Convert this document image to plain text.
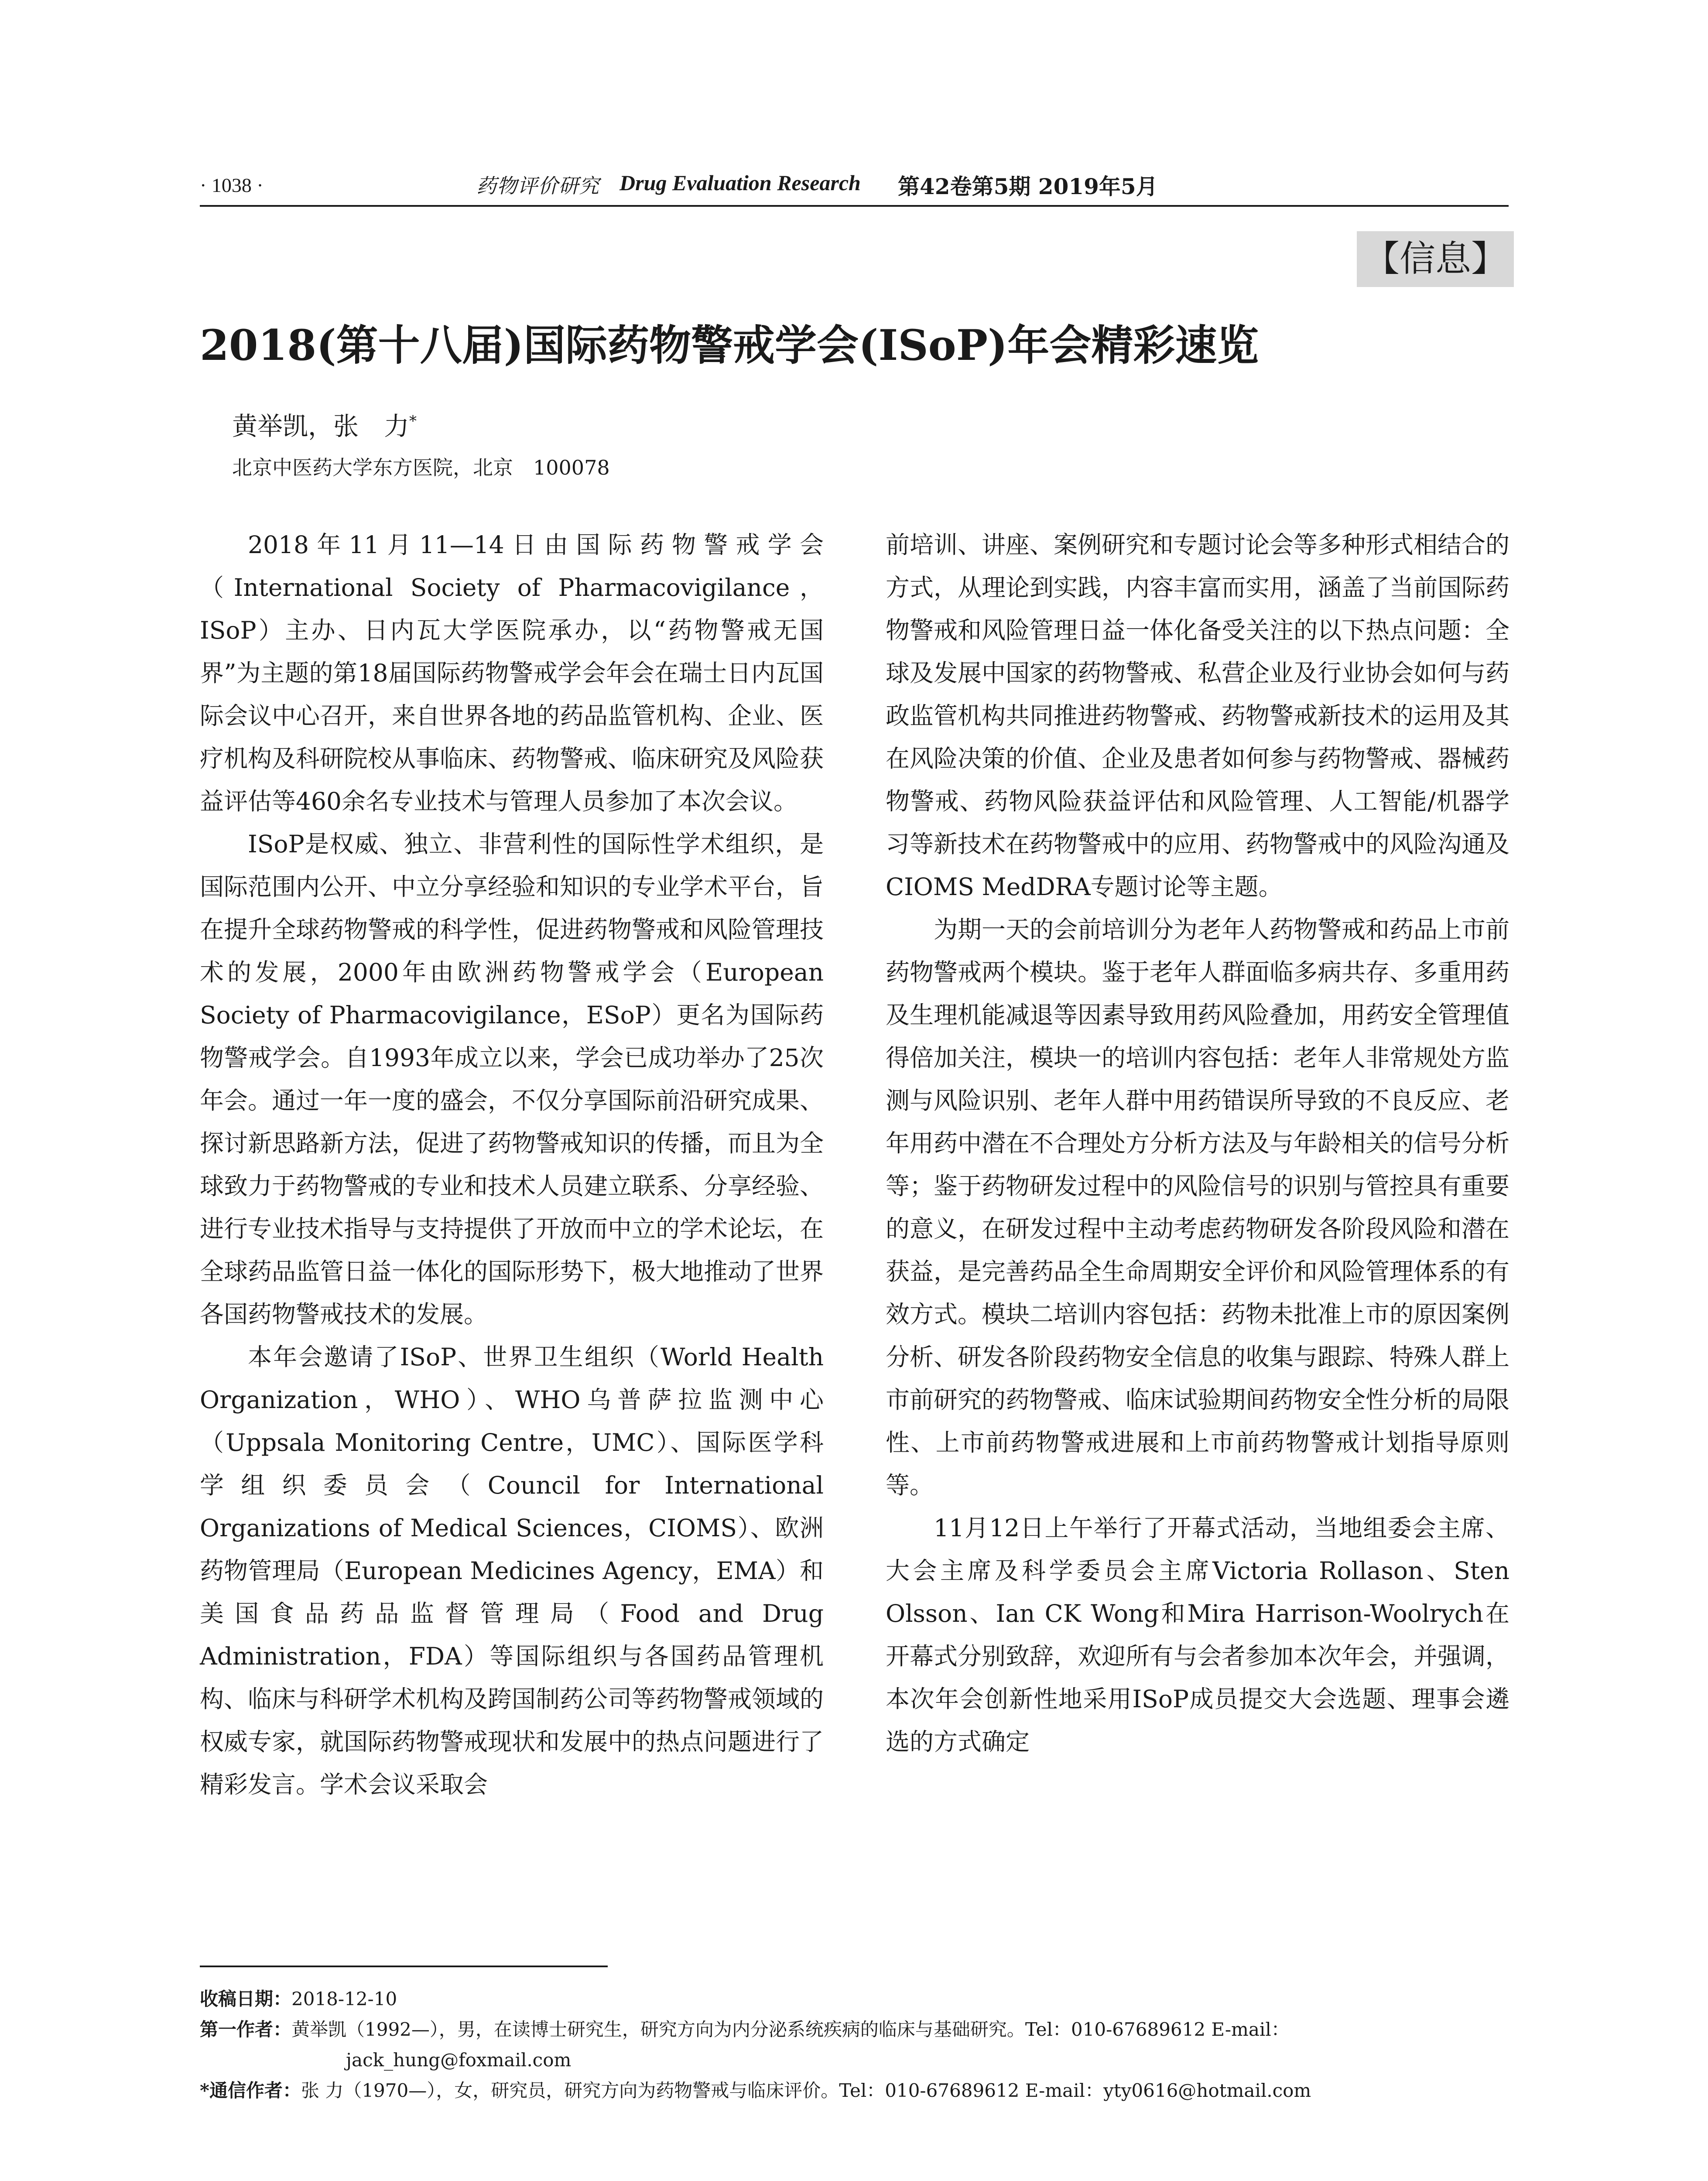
· 1038 ·	药物评价研究 Drug Evaluation Research 第42卷第5期 2019年5月
【信息】
2018(第十八届)国际药物警戒学会(ISoP)年会精彩速览
黄举凯，张　力*
北京中医药大学东方医院，北京　100078

2018年11月11—14日由国际药物警戒学会（International Society of Pharmacovigilance，ISoP）主办、日内瓦大学医院承办，以“药物警戒无国界”为主题的第18届国际药物警戒学会年会在瑞士日内瓦国际会议中心召开，来自世界各地的药品监管机构、企业、医疗机构及科研院校从事临床、药物警戒、临床研究及风险获益评估等460余名专业技术与管理人员参加了本次会议。

ISoP是权威、独立、非营利性的国际性学术组织，是国际范围内公开、中立分享经验和知识的专业学术平台，旨在提升全球药物警戒的科学性，促进药物警戒和风险管理技术的发展，2000年由欧洲药物警戒学会（European Society of Pharmacovigilance，ESoP）更名为国际药物警戒学会。自1993年成立以来，学会已成功举办了25次年会。通过一年一度的盛会，不仅分享国际前沿研究成果、探讨新思路新方法，促进了药物警戒知识的传播，而且为全球致力于药物警戒的专业和技术人员建立联系、分享经验、进行专业技术指导与支持提供了开放而中立的学术论坛，在全球药品监管日益一体化的国际形势下，极大地推动了世界各国药物警戒技术的发展。

本年会邀请了ISoP、世界卫生组织（World Health Organization，WHO）、WHO乌普萨拉监测中心（Uppsala Monitoring Centre，UMC）、国际医学科学组织委员会（Council for International Organizations of Medical Sciences，CIOMS）、欧洲药物管理局（European Medicines Agency，EMA）和美国食品药品监督管理局（Food and Drug Administration，FDA）等国际组织与各国药品管理机构、临床与科研学术机构及跨国制药公司等药物警戒领域的权威专家，就国际药物警戒现状和发展中的热点问题进行了精彩发言。学术会议采取会

前培训、讲座、案例研究和专题讨论会等多种形式相结合的方式，从理论到实践，内容丰富而实用，涵盖了当前国际药物警戒和风险管理日益一体化备受关注的以下热点问题：全球及发展中国家的药物警戒、私营企业及行业协会如何与药政监管机构共同推进药物警戒、药物警戒新技术的运用及其在风险决策的价值、企业及患者如何参与药物警戒、器械药物警戒、药物风险获益评估和风险管理、人工智能/机器学习等新技术在药物警戒中的应用、药物警戒中的风险沟通及CIOMS MedDRA专题讨论等主题。

为期一天的会前培训分为老年人药物警戒和药品上市前药物警戒两个模块。鉴于老年人群面临多病共存、多重用药及生理机能减退等因素导致用药风险叠加，用药安全管理值得倍加关注，模块一的培训内容包括：老年人非常规处方监测与风险识别、老年人群中用药错误所导致的不良反应、老年用药中潜在不合理处方分析方法及与年龄相关的信号分析等；鉴于药物研发过程中的风险信号的识别与管控具有重要的意义，在研发过程中主动考虑药物研发各阶段风险和潜在获益，是完善药品全生命周期安全评价和风险管理体系的有效方式。模块二培训内容包括：药物未批准上市的原因案例分析、研发各阶段药物安全信息的收集与跟踪、特殊人群上市前研究的药物警戒、临床试验期间药物安全性分析的局限性、上市前药物警戒进展和上市前药物警戒计划指导原则等。

11月12日上午举行了开幕式活动，当地组委会主席、大会主席及科学委员会主席Victoria Rollason、Sten Olsson、Ian CK Wong和Mira Harrison-Woolrych在开幕式分别致辞，欢迎所有与会者参加本次年会，并强调，本次年会创新性地采用ISoP成员提交大会选题、理事会遴选的方式确定

收稿日期：2018-12-10
第一作者：黄举凯（1992—），男，在读博士研究生，研究方向为内分泌系统疾病的临床与基础研究。Tel：010-67689612 E-mail：
jack_hung@foxmail.com
*通信作者：张 力（1970—），女，研究员，研究方向为药物警戒与临床评价。Tel：010-67689612 E-mail：yty0616@hotmail.com
